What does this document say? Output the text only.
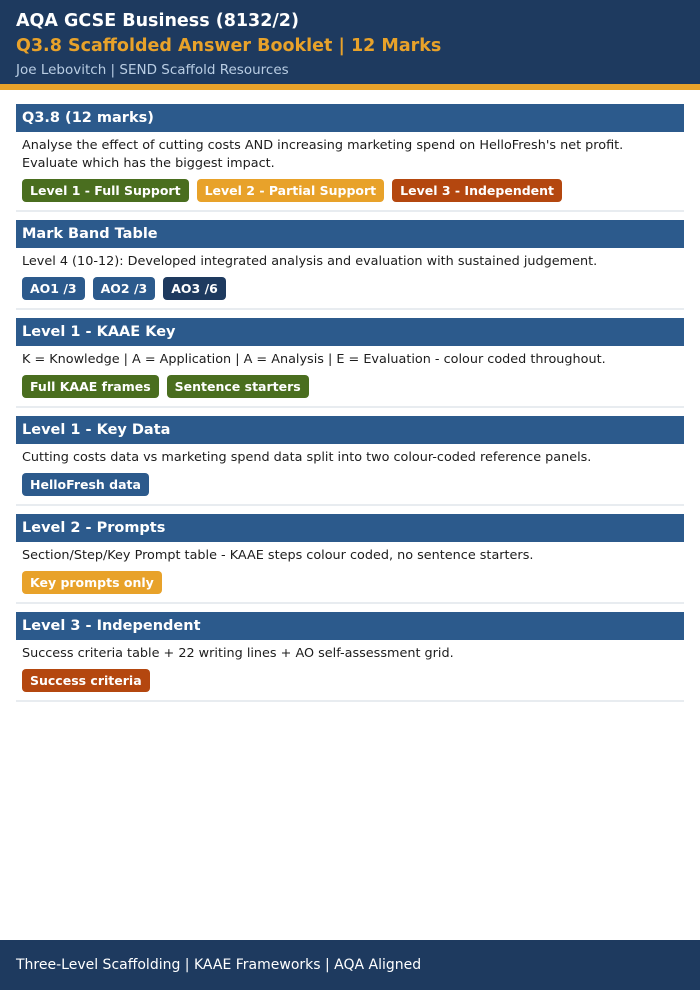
AQA GCSE Business (8132/2)
Q3.8 Scaffolded Answer Booklet | 12 Marks
Joe Lebovitch | SEND Scaffold Resources
Q3.8 (12 marks)
Analyse the effect of cutting costs AND increasing marketing spend on HelloFresh's net profit. Evaluate which has the biggest impact.
Level 1 - Full Support	Level 2 - Partial Support	Level 3 - Independent
Mark Band Table
Level 4 (10-12): Developed integrated analysis and evaluation with sustained judgement.
AO1 /3	AO2 /3	AO3 /6
Level 1 - KAAE Key
K = Knowledge | A = Application | A = Analysis | E = Evaluation - colour coded throughout.
Full KAAE frames	Sentence starters
Level 1 - Key Data
Cutting costs data vs marketing spend data split into two colour-coded reference panels.
HelloFresh data
Level 2 - Prompts
Section/Step/Key Prompt table - KAAE steps colour coded, no sentence starters.
Key prompts only
Level 3 - Independent
Success criteria table + 22 writing lines + AO self-assessment grid.
Success criteria
Three-Level Scaffolding | KAAE Frameworks | AQA Aligned
